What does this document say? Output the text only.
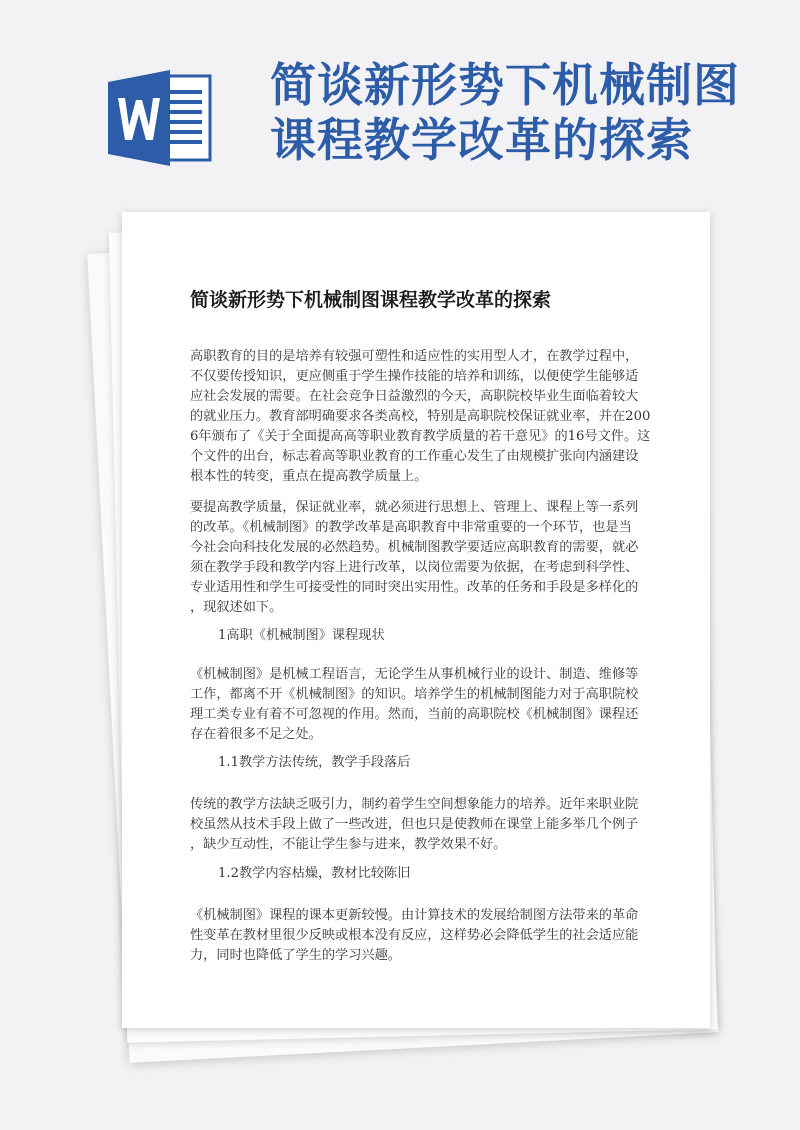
简谈新形势下机械制图
课程教学改革的探索
简谈新形势下机械制图课程教学改革的探索

高职教育的目的是培养有较强可塑性和适应性的实用型人才，在教学过程中，
不仅要传授知识，更应侧重于学生操作技能的培养和训练，以便使学生能够适
应社会发展的需要。在社会竞争日益激烈的今天，高职院校毕业生面临着较大
的就业压力。教育部明确要求各类高校，特别是高职院校保证就业率，并在200
6年颁布了《关于全面提高高等职业教育教学质量的若干意见》的16号文件。这
个文件的出台，标志着高等职业教育的工作重心发生了由规模扩张向内涵建设
根本性的转变，重点在提高教学质量上。

要提高教学质量，保证就业率，就必须进行思想上、管理上、课程上等一系列
的改革。《机械制图》的教学改革是高职教育中非常重要的一个环节，也是当
今社会向科技化发展的必然趋势。机械制图教学要适应高职教育的需要，就必
须在教学手段和教学内容上进行改革，以岗位需要为依据，在考虑到科学性、
专业适用性和学生可接受性的同时突出实用性。改革的任务和手段是多样化的
，现叙述如下。

1高职《机械制图》课程现状

《机械制图》是机械工程语言，无论学生从事机械行业的设计、制造、维修等
工作，都离不开《机械制图》的知识。培养学生的机械制图能力对于高职院校
理工类专业有着不可忽视的作用。然而，当前的高职院校《机械制图》课程还
存在着很多不足之处。

1.1教学方法传统，教学手段落后

传统的教学方法缺乏吸引力，制约着学生空间想象能力的培养。近年来职业院
校虽然从技术手段上做了一些改进，但也只是使教师在课堂上能多举几个例子
，缺少互动性，不能让学生参与进来，教学效果不好。

1.2教学内容枯燥，教材比较陈旧

《机械制图》课程的课本更新较慢。由计算技术的发展给制图方法带来的革命
性变革在教材里很少反映或根本没有反应，这样势必会降低学生的社会适应能
力，同时也降低了学生的学习兴趣。
